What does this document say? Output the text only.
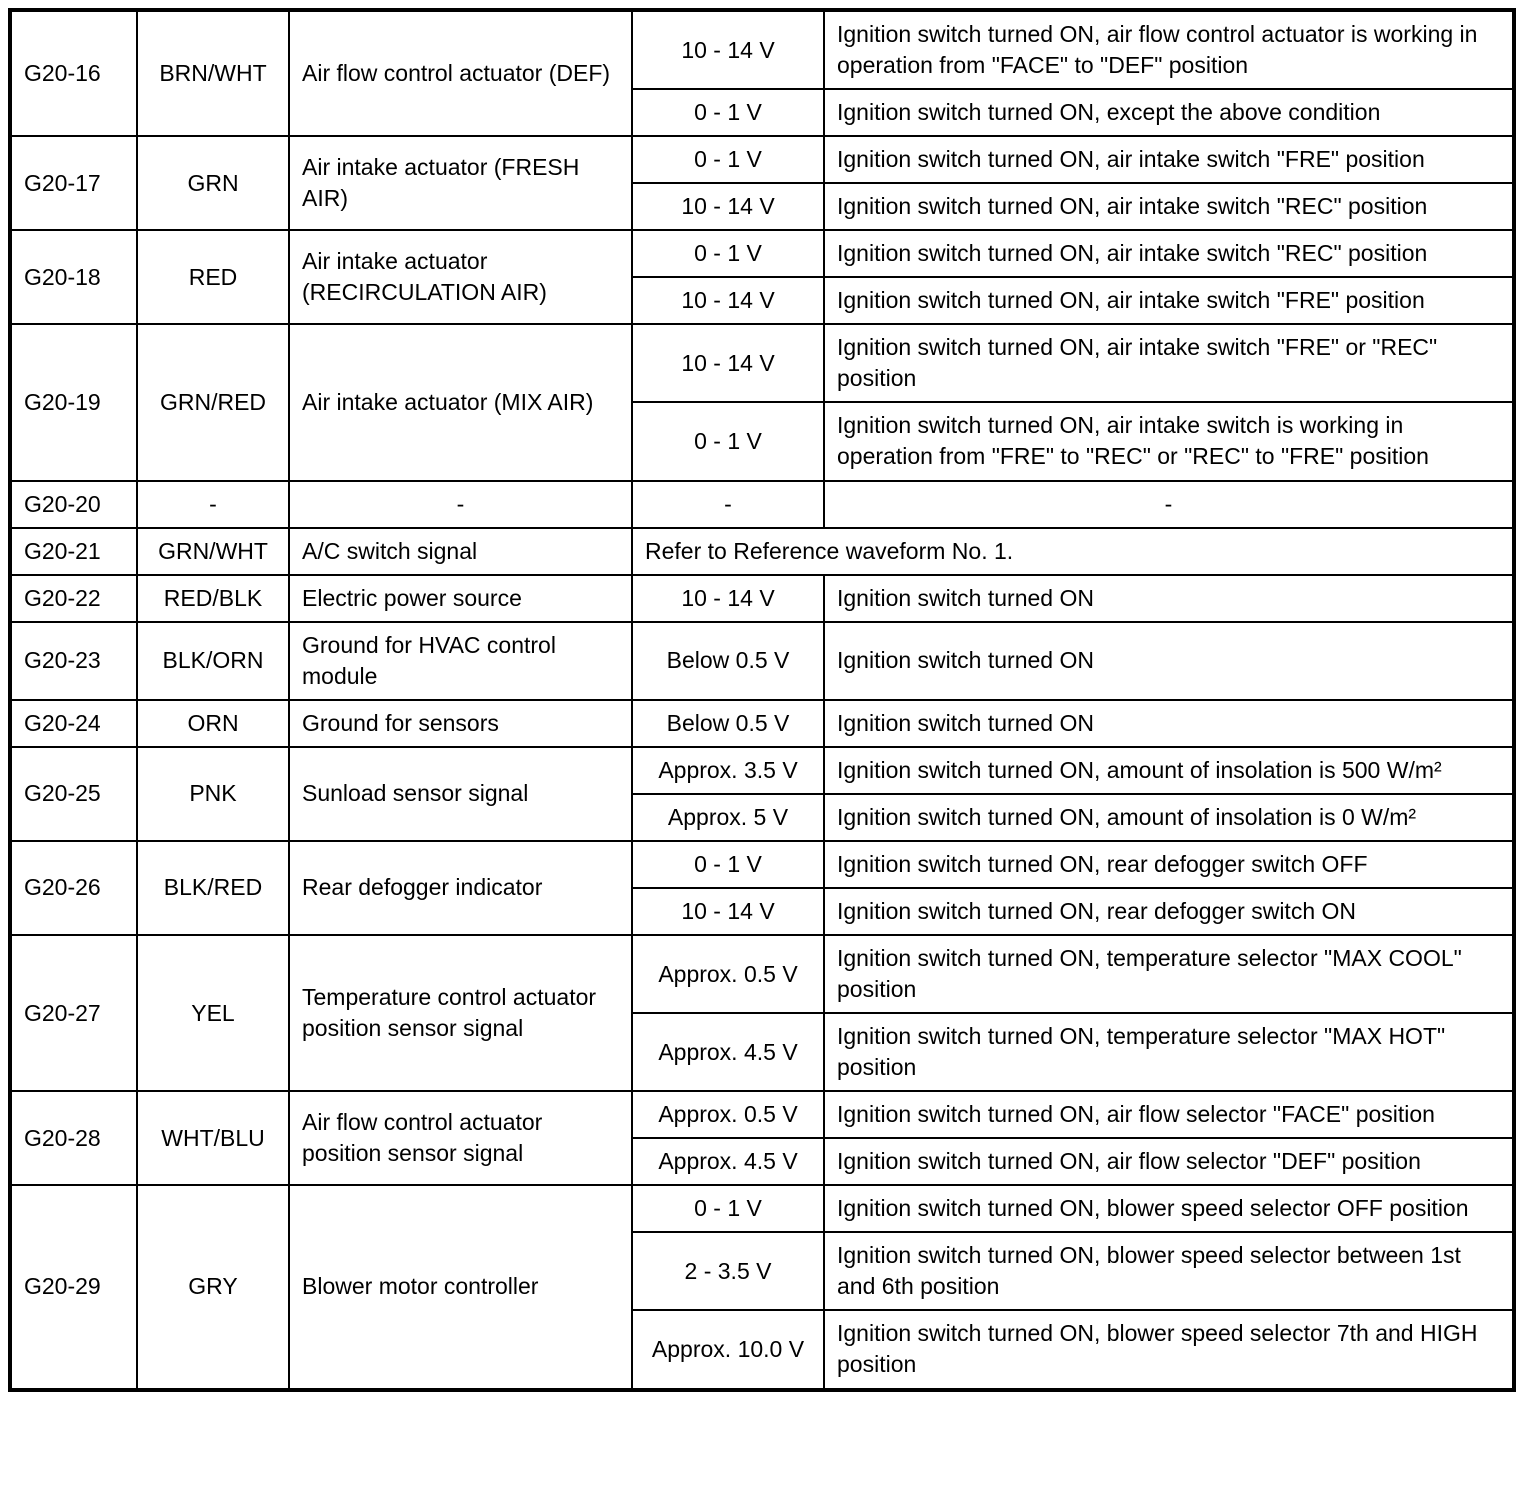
G20-16	BRN/WHT	Air flow control actuator (DEF)	10 - 14 V	Ignition switch turned ON, air flow control actuator is working in operation from "FACE" to "DEF" position
			0 - 1 V	Ignition switch turned ON, except the above condition
G20-17	GRN	Air intake actuator (FRESH AIR)	0 - 1 V	Ignition switch turned ON, air intake switch "FRE" position
			10 - 14 V	Ignition switch turned ON, air intake switch "REC" position
G20-18	RED	Air intake actuator (RECIRCULATION AIR)	0 - 1 V	Ignition switch turned ON, air intake switch "REC" position
			10 - 14 V	Ignition switch turned ON, air intake switch "FRE" position
G20-19	GRN/RED	Air intake actuator (MIX AIR)	10 - 14 V	Ignition switch turned ON, air intake switch "FRE" or "REC" position
			0 - 1 V	Ignition switch turned ON, air intake switch is working in operation from "FRE" to "REC" or "REC" to "FRE" position
G20-20	-	-	-	-
G20-21	GRN/WHT	A/C switch signal	Refer to Reference waveform No. 1.	
G20-22	RED/BLK	Electric power source	10 - 14 V	Ignition switch turned ON
G20-23	BLK/ORN	Ground for HVAC control module	Below 0.5 V	Ignition switch turned ON
G20-24	ORN	Ground for sensors	Below 0.5 V	Ignition switch turned ON
G20-25	PNK	Sunload sensor signal	Approx. 3.5 V	Ignition switch turned ON, amount of insolation is 500 W/m²
			Approx. 5 V	Ignition switch turned ON, amount of insolation is 0 W/m²
G20-26	BLK/RED	Rear defogger indicator	0 - 1 V	Ignition switch turned ON, rear defogger switch OFF
			10 - 14 V	Ignition switch turned ON, rear defogger switch ON
G20-27	YEL	Temperature control actuator position sensor signal	Approx. 0.5 V	Ignition switch turned ON, temperature selector "MAX COOL" position
			Approx. 4.5 V	Ignition switch turned ON, temperature selector "MAX HOT" position
G20-28	WHT/BLU	Air flow control actuator position sensor signal	Approx. 0.5 V	Ignition switch turned ON, air flow selector "FACE" position
			Approx. 4.5 V	Ignition switch turned ON, air flow selector "DEF" position
G20-29	GRY	Blower motor controller	0 - 1 V	Ignition switch turned ON, blower speed selector OFF position
			2 - 3.5 V	Ignition switch turned ON, blower speed selector between 1st and 6th position
			Approx. 10.0 V	Ignition switch turned ON, blower speed selector 7th and HIGH position
